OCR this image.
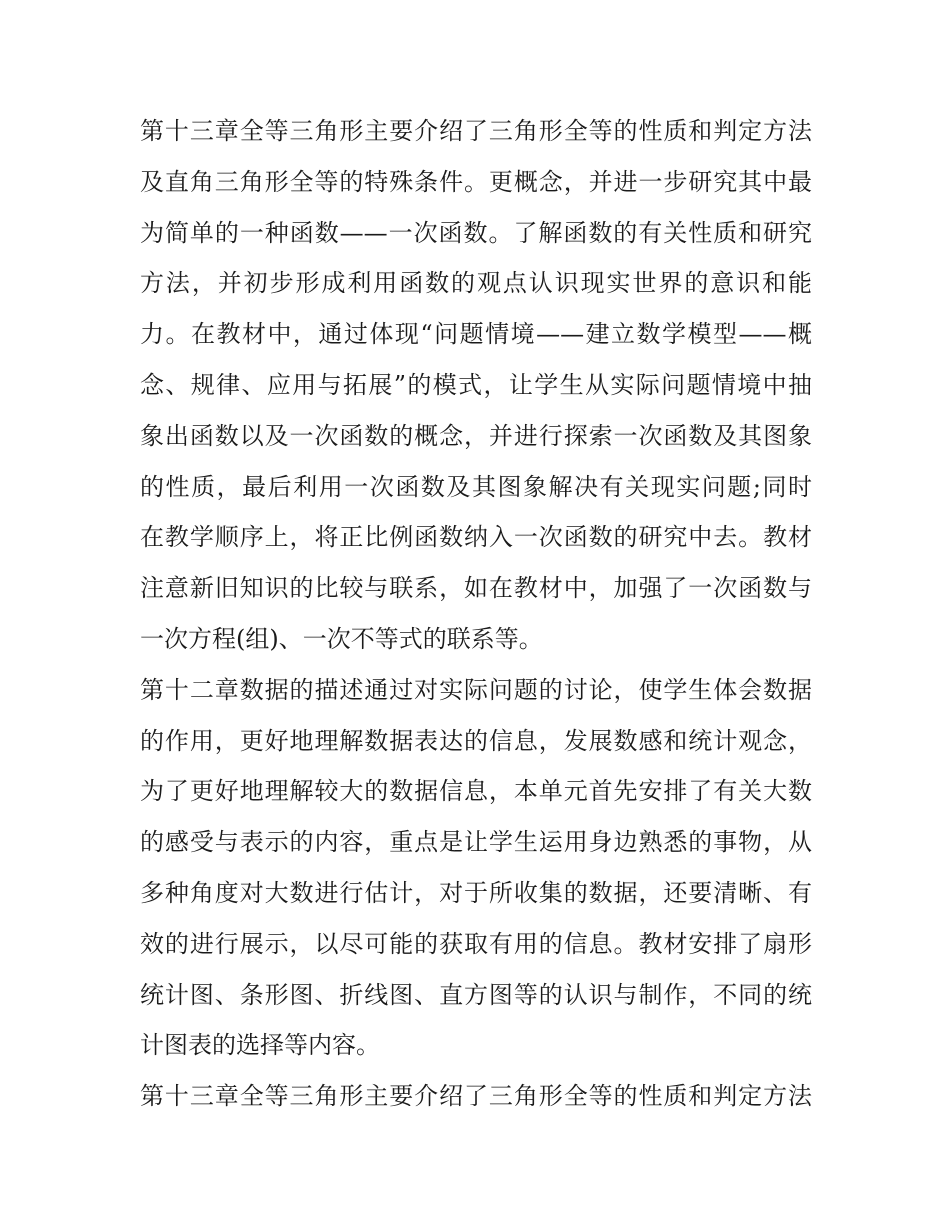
第十三章全等三角形主要介绍了三角形全等的性质和判定方法
及直角三角形全等的特殊条件。更概念，并进一步研究其中最
为简单的一种函数——一次函数。了解函数的有关性质和研究
方法，并初步形成利用函数的观点认识现实世界的意识和能
力。在教材中，通过体现“问题情境——建立数学模型——概
念、规律、应用与拓展”的模式，让学生从实际问题情境中抽
象出函数以及一次函数的概念，并进行探索一次函数及其图象
的性质，最后利用一次函数及其图象解决有关现实问题;同时
在教学顺序上，将正比例函数纳入一次函数的研究中去。教材
注意新旧知识的比较与联系，如在教材中，加强了一次函数与
一次方程(组)、一次不等式的联系等。
第十二章数据的描述通过对实际问题的讨论，使学生体会数据
的作用，更好地理解数据表达的信息，发展数感和统计观念，
为了更好地理解较大的数据信息，本单元首先安排了有关大数
的感受与表示的内容，重点是让学生运用身边熟悉的事物，从
多种角度对大数进行估计，对于所收集的数据，还要清晰、有
效的进行展示，以尽可能的获取有用的信息。教材安排了扇形
统计图、条形图、折线图、直方图等的认识与制作，不同的统
计图表的选择等内容。
第十三章全等三角形主要介绍了三角形全等的性质和判定方法
